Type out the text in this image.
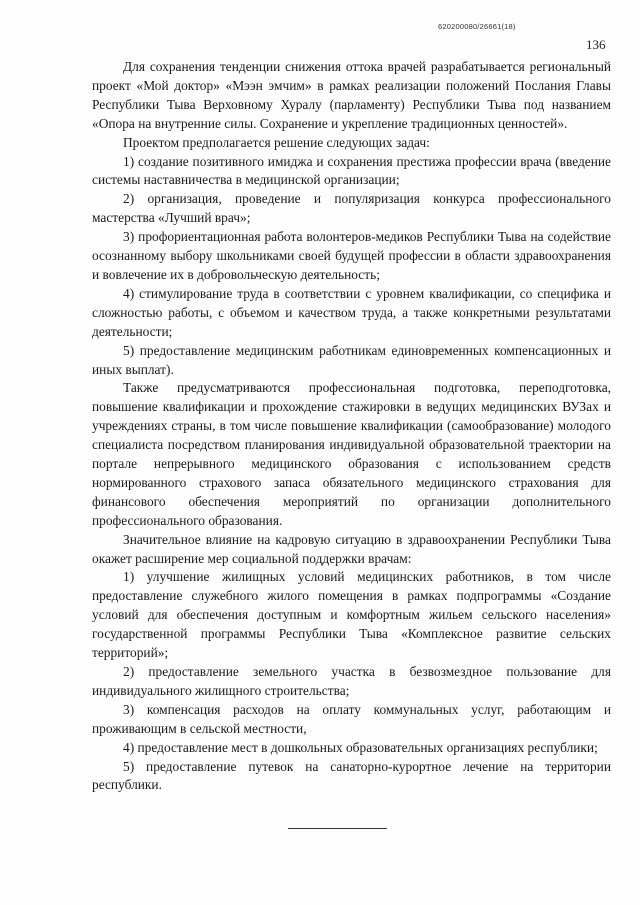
620200080/26661(18)
136

Для сохранения тенденции снижения оттока врачей разрабатывается региональный проект «Мой доктор» «Мээн эмчим» в рамках реализации положений Послания Главы Республики Тыва Верховному Хуралу (парламенту) Республики Тыва под названием «Опора на внутренние силы. Сохранение и укрепление традиционных ценностей».

Проектом предполагается решение следующих задач:

1) создание позитивного имиджа и сохранения престижа профессии врача (введение системы наставничества в медицинской организации;

2) организация, проведение и популяризация конкурса профессионального мастерства «Лучший врач»;

3) профориентационная работа волонтеров-медиков Республики Тыва на содействие осознанному выбору школьниками своей будущей профессии в области здравоохранения и вовлечение их в добровольческую деятельность;

4) стимулирование труда в соответствии с уровнем квалификации, со специфика и сложностью работы, с объемом и качеством труда, а также конкретными результатами деятельности;

5) предоставление медицинским работникам единовременных компенсационных и иных выплат).

Также предусматриваются профессиональная подготовка, переподготовка, повышение квалификации и прохождение стажировки в ведущих медицинских ВУЗах и учреждениях страны, в том числе повышение квалификации (самообразование) молодого специалиста посредством планирования индивидуальной образовательной траектории на портале непрерывного медицинского образования с использованием средств нормированного страхового запаса обязательного медицинского страхования для финансового обеспечения мероприятий по организации дополнительного профессионального образования.

Значительное влияние на кадровую ситуацию в здравоохранении Республики Тыва окажет расширение мер социальной поддержки врачам:

1) улучшение жилищных условий медицинских работников, в том числе предоставление служебного жилого помещения в рамках подпрограммы «Создание условий для обеспечения доступным и комфортным жильем сельского населения» государственной программы Республики Тыва «Комплексное развитие сельских территорий»;

2) предоставление земельного участка в безвозмездное пользование для индивидуального жилищного строительства;

3) компенсация расходов на оплату коммунальных услуг, работающим и проживающим в сельской местности,

4) предоставление мест в дошкольных образовательных организациях республики;

5) предоставление путевок на санаторно-курортное лечение на территории республики.
